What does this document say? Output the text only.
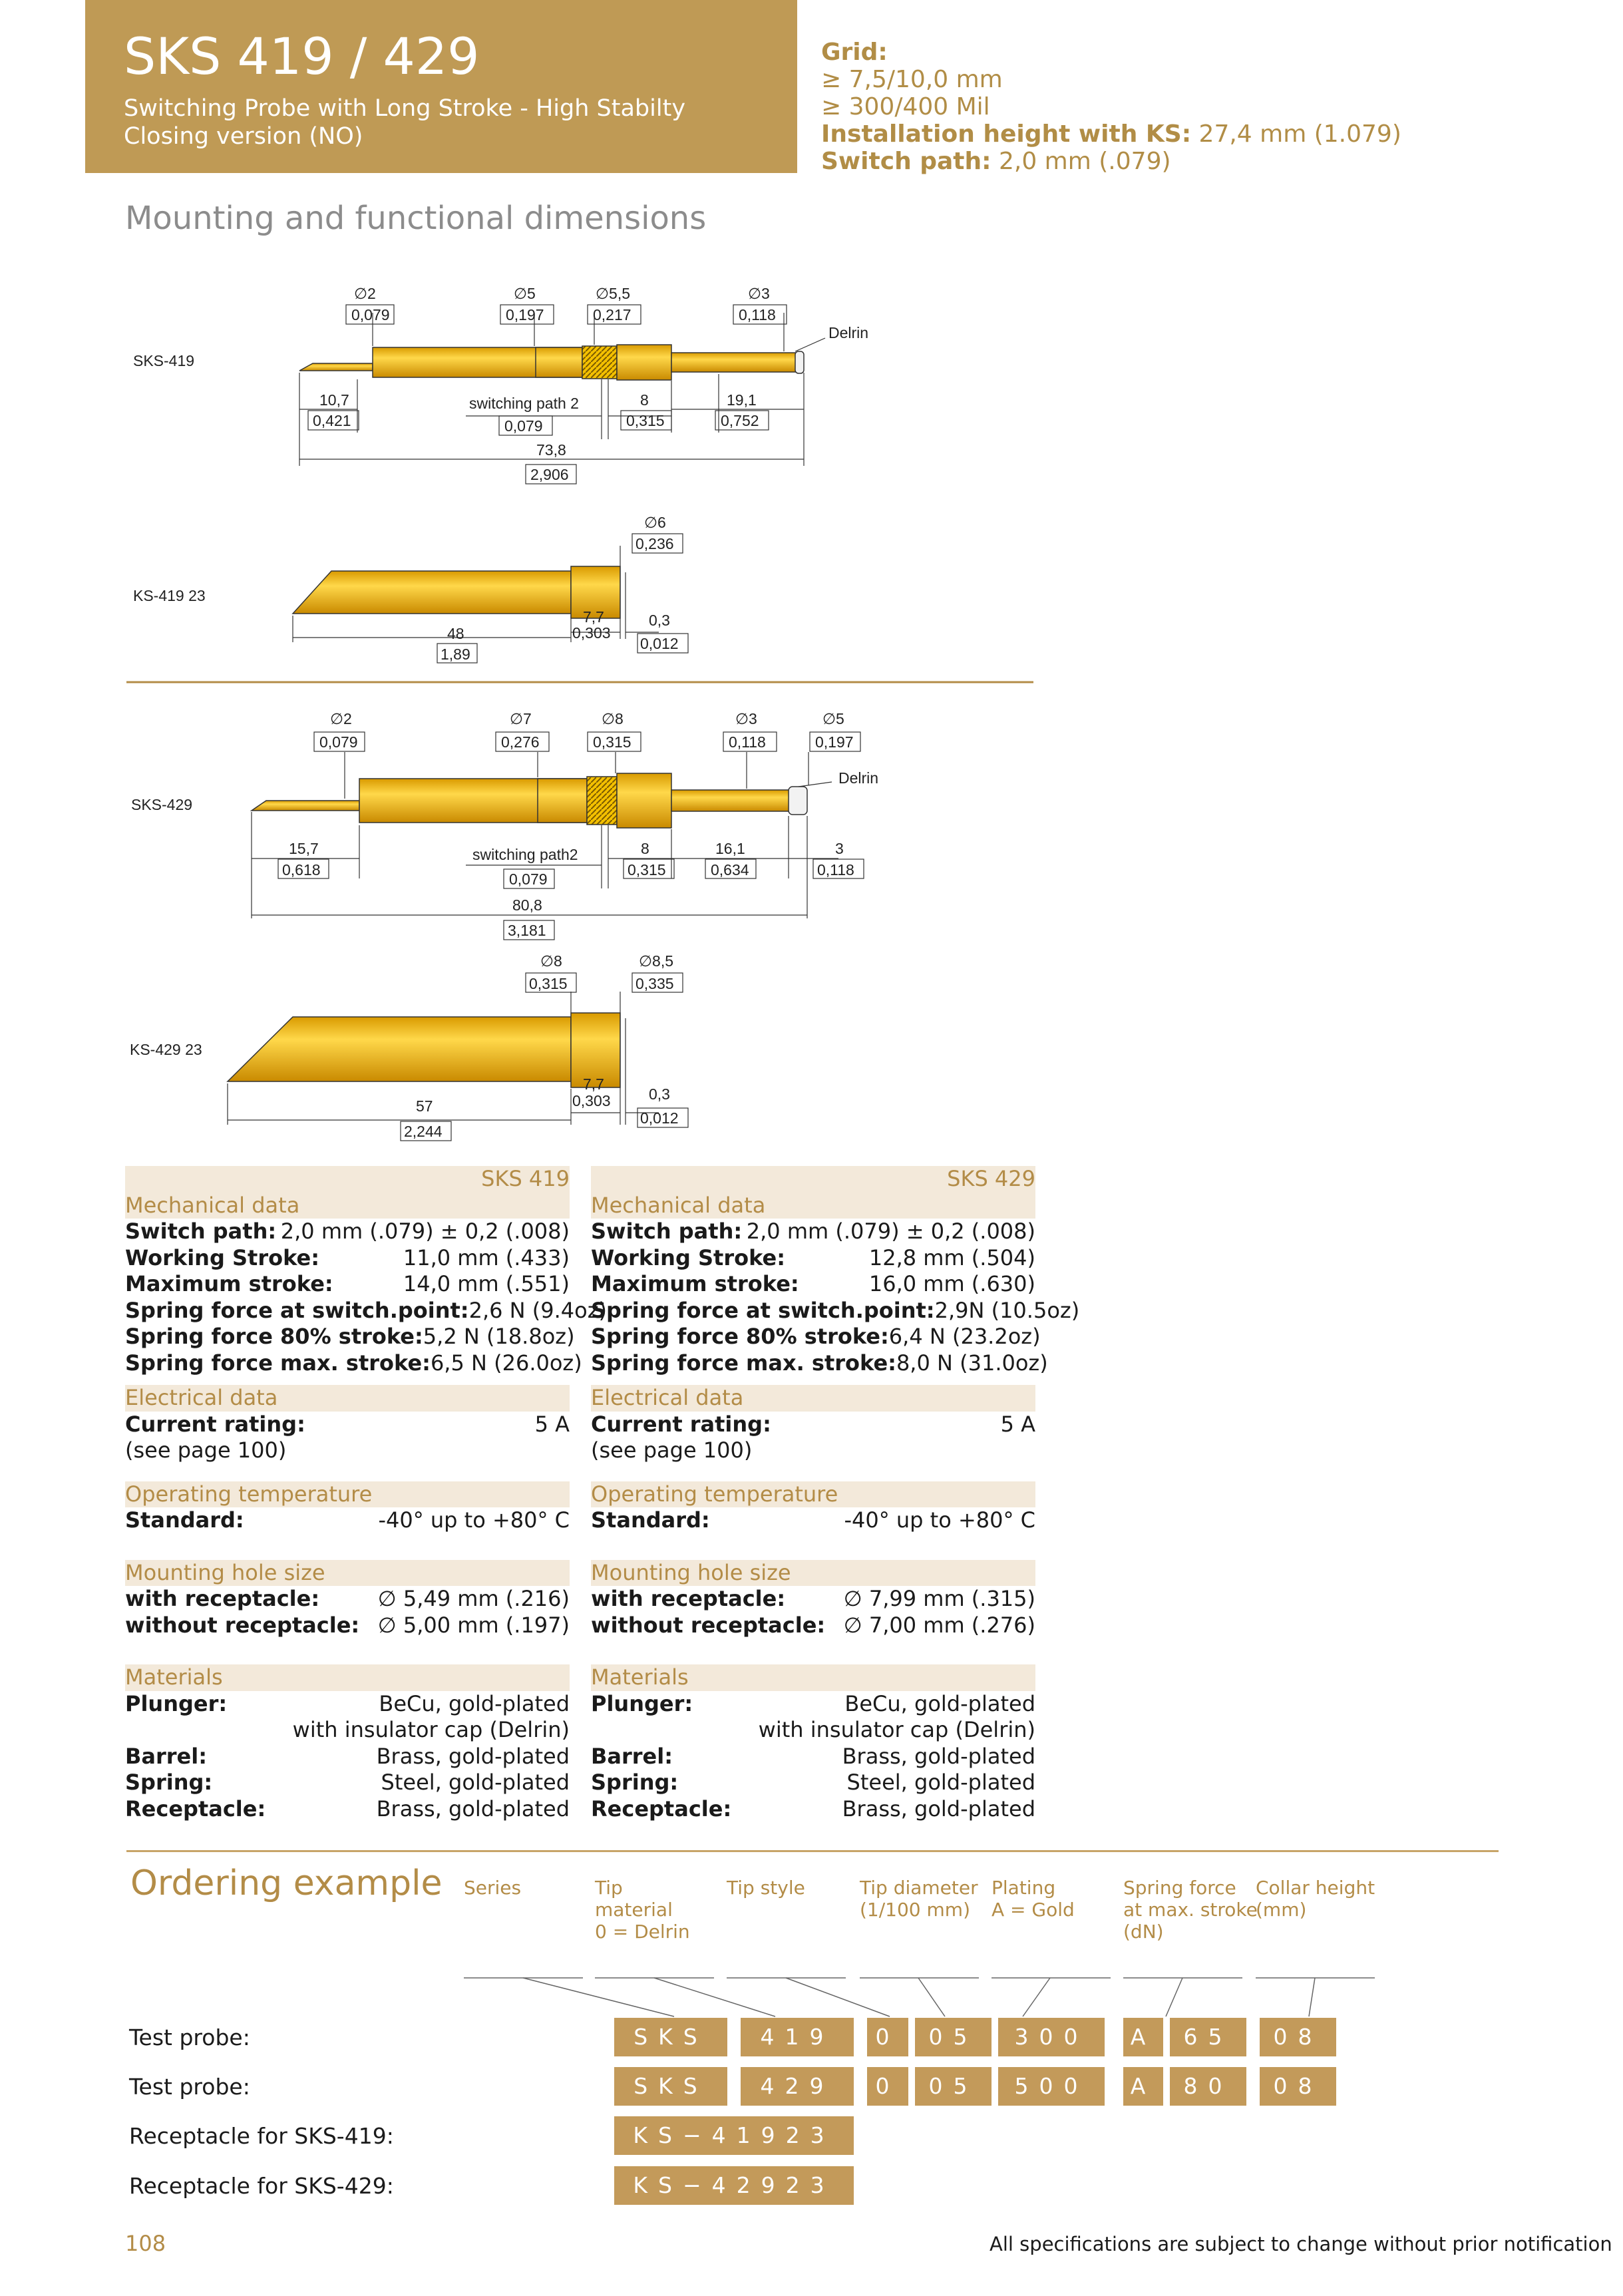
SKS 419 / 429
Switching Probe with Long Stroke - High Stabilty
Closing version (NO)
Grid:
≥ 7,5/10,0 mm
≥ 300/400 Mil
Installation height with KS: 27,4 mm (1.079)
Switch path: 2,0 mm (.079)
Mounting and functional dimensions
SKS-419
∅2
0,079
∅5
0,197
∅5,5
0,217
∅3
0,118
Delrin
10,7
0,421
switching path 2
0,079
8
0,315
19,1
0,752
73,8
2,906
KS-419 23
∅6
0,236
48
1,89
7,7
0,303
0,3
0,012
SKS-429
∅2
0,079
∅7
0,276
∅8
0,315
∅3
0,118
∅5
0,197
Delrin
15,7
0,618
switching path2
0,079
8
0,315
16,1
0,634
3
0,118
80,8
3,181
KS-429 23
∅8
0,315
∅8,5
0,335
57
2,244
7,7
0,303 0,3
0,012
SKS 419
Mechanical data
Switch path: 2,0 mm (.079) ± 0,2 (.008)
Working Stroke:	11,0 mm (.433)
Maximum stroke:	14,0 mm (.551)
Spring force at switch.point: 2,6 N (9.4oz)
Spring force 80% stroke: 5,2 N (18.8oz)
Spring force max. stroke: 6,5 N (26.0oz)
Electrical data
Current rating:	5 A
(see page 100)
Operating temperature
Standard:	-40° up to +80° C
Mounting hole size
with receptacle:	∅ 5,49 mm (.216)
without receptacle: ∅ 5,00 mm (.197)
Materials
Plunger:	BeCu, gold-plated
with insulator cap (Delrin)
Barrel:	Brass, gold-plated
Spring:	Steel, gold-plated
Receptacle:	Brass, gold-plated
SKS 429
Mechanical data
Switch path: 2,0 mm (.079) ± 0,2 (.008)
Working Stroke:	12,8 mm (.504)
Maximum stroke:	16,0 mm (.630)
Spring force at switch.point: 2,9N (10.5oz)
Spring force 80% stroke: 6,4 N (23.2oz)
Spring force max. stroke: 8,0 N (31.0oz)
Electrical data
Current rating:	5 A
(see page 100)
Operating temperature
Standard:	-40° up to +80° C
Mounting hole size
with receptacle:	∅ 7,99 mm (.315)
without receptacle: ∅ 7,00 mm (.276)
Materials
Plunger:	BeCu, gold-plated
with insulator cap (Delrin)
Barrel:	Brass, gold-plated
Spring:	Steel, gold-plated
Receptacle:	Brass, gold-plated
Ordering example Series	Tip
material
0 = Delrin
Tip style	Tip diameter
(1/100 mm)
Plating
A = Gold
Spring force
at max. stroke
(dN)
Collar height
(mm)
Test probe:	SKS	419	0	05	300	A	65	08
Test probe:	SKS	429	0	05	500	A	80	08
Receptacle for SKS-419:	KS−41923
Receptacle for SKS-429:	KS−42923
108	All specifications are subject to change without prior notification
